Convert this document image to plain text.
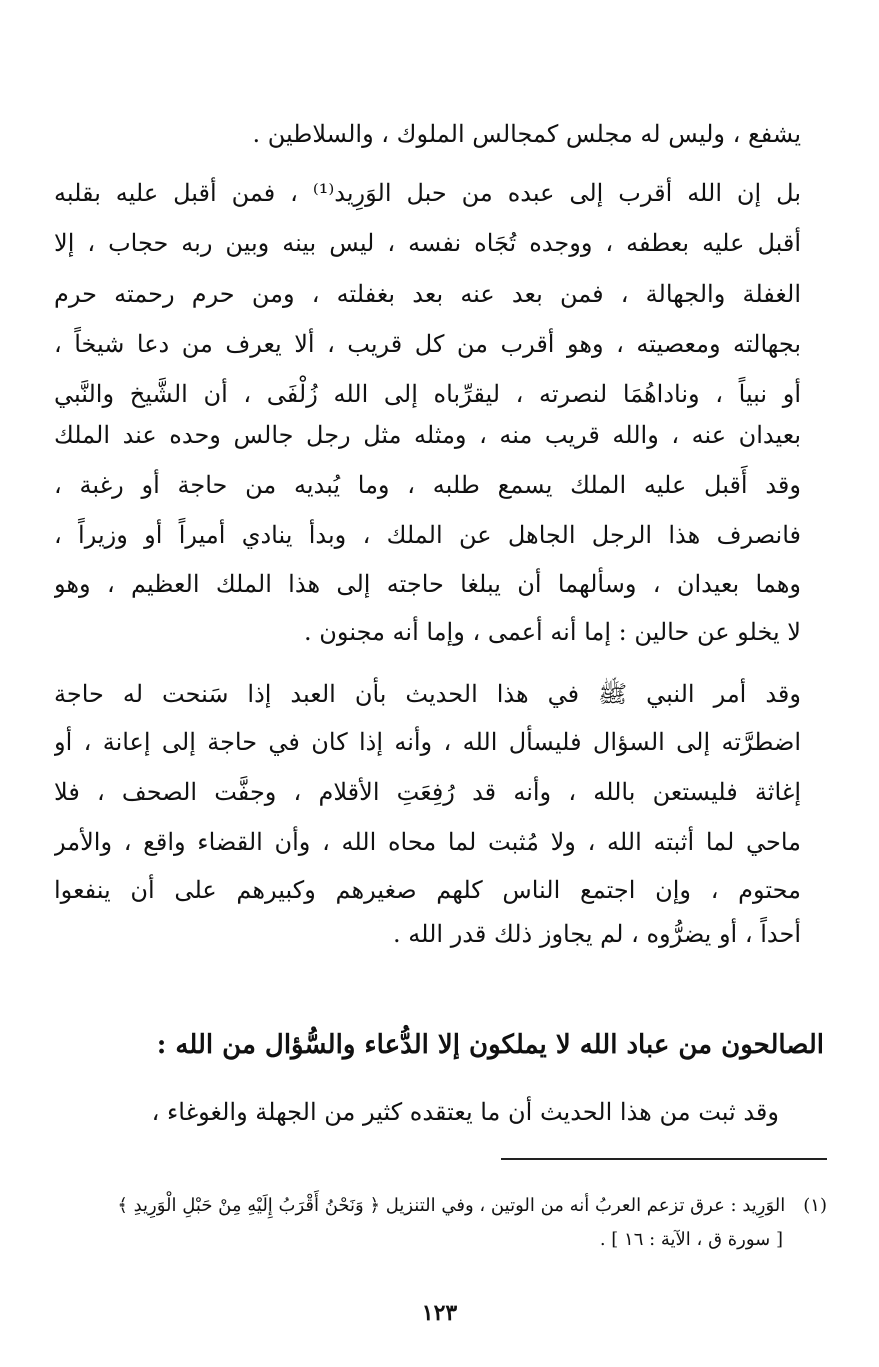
يشفع ، وليس له مجلس كمجالس الملوك ، والسلاطين .
بل إن الله أقرب إلى عبده من حبل الوَرِيد⁽¹⁾ ، فمن أقبل عليه بقلبه
أقبل عليه بعطفه ، ووجده تُجَاه نفسه ، ليس بينه وبين ربه حجاب ، إلا
الغفلة والجهالة ، فمن بعد عنه بعد بغفلته ، ومن حرم رحمته حرم
بجهالته ومعصيته ، وهو أقرب من كل قريب ، ألا يعرف من دعا شيخاً ،
أو نبياً ، وناداهُمَا لنصرته ، ليقرِّباه إلى الله زُلْفَى ، أن الشَّيخ والنَّبي
بعيدان عنه ، والله قريب منه ، ومثله مثل رجل جالس وحده عند الملك
وقد أَقبل عليه الملك يسمع طلبه ، وما يُبديه من حاجة أو رغبة ،
فانصرف هذا الرجل الجاهل عن الملك ، وبدأ ينادي أميراً أو وزيراً ،
وهما بعيدان ، وسألهما أن يبلغا حاجته إلى هذا الملك العظيم ، وهو
لا يخلو عن حالين : إما أنه أعمى ، وإما أنه مجنون .
وقد أمر النبي ﷺ في هذا الحديث بأن العبد إذا سَنحت له حاجة
اضطرَّته إلى السؤال فليسأل الله ، وأنه إذا كان في حاجة إلى إعانة ، أو
إغاثة فليستعن بالله ، وأنه قد رُفِعَتِ الأقلام ، وجفَّت الصحف ، فلا
ماحي لما أثبته الله ، ولا مُثبت لما محاه الله ، وأن القضاء واقع ، والأمر
محتوم ، وإن اجتمع الناس كلهم صغيرهم وكبيرهم على أن ينفعوا
أحداً ، أو يضرُّوه ، لم يجاوز ذلك قدر الله .
الصالحون من عباد الله لا يملكون إلا الدُّعاء والسُّؤال من الله :
وقد ثبت من هذا الحديث أن ما يعتقده كثير من الجهلة والغوغاء ،
(١)الوَرِيد : عرق تزعم العربُ أنه من الوتين ، وفي التنزيل ﴿ وَنَحْنُ أَقْرَبُ إِلَيْهِ مِنْ حَبْلِ الْوَرِيدِ ﴾
[ سورة ق ، الآية : ١٦ ] .
١٢٣
